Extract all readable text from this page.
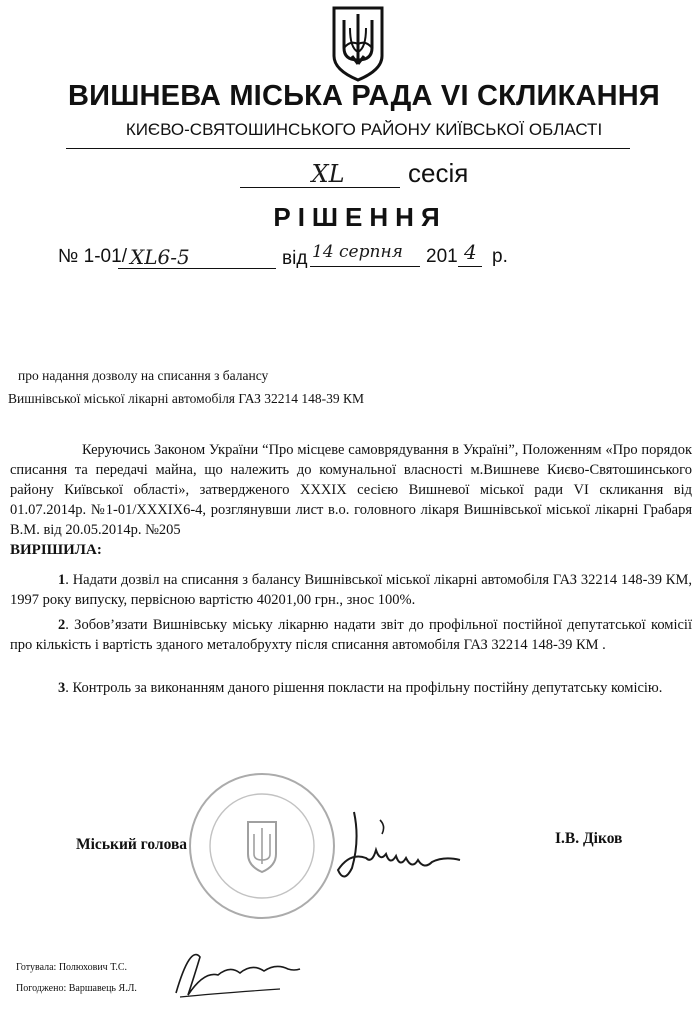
ВИШНЕВА МІСЬКА РАДА VI СКЛИКАННЯ
КИЄВО-СВЯТОШИНСЬКОГО РАЙОНУ КИЇВСЬКОЇ ОБЛАСТІ
XL	сесія
РІШЕННЯ
№ 1-01/ XL6-5	від 14 серпня	201 4 р.
про надання дозволу на списання з балансу
Вишнівської міської лікарні автомобіля ГАЗ 32214 148-39 КМ
Керуючись Законом України “Про місцеве самоврядування в Україні”, Положенням «Про порядок списання та передачі майна, що належить до комунальної власності м.Вишневе Києво-Святошинського району Київської області», затвердженого XXXIX сесією Вишневої міської ради VI скликання від 01.07.2014р. №1-01/XXXIX6-4, розглянувши лист в.о. головного лікаря Вишнівської міської лікарні Грабаря В.М. від 20.05.2014р. №205
ВИРІШИЛА:
1. Надати дозвіл на списання з балансу Вишнівської міської лікарні автомобіля ГАЗ 32214 148-39 КМ, 1997 року випуску, первісною вартістю 40201,00 грн., знос 100%.
2. Зобов’язати Вишнівську міську лікарню надати звіт до профільної постійної депутатської комісії про кількість і вартість зданого металобрухту після списання автомобіля ГАЗ 32214 148-39 КМ .
3. Контроль за виконанням даного рішення покласти на профільну постійну депутатську комісію.
Міський голова	І.В. Діков
Готувала: Полюхович Т.С.
Погоджено: Варшавець Я.Л.
